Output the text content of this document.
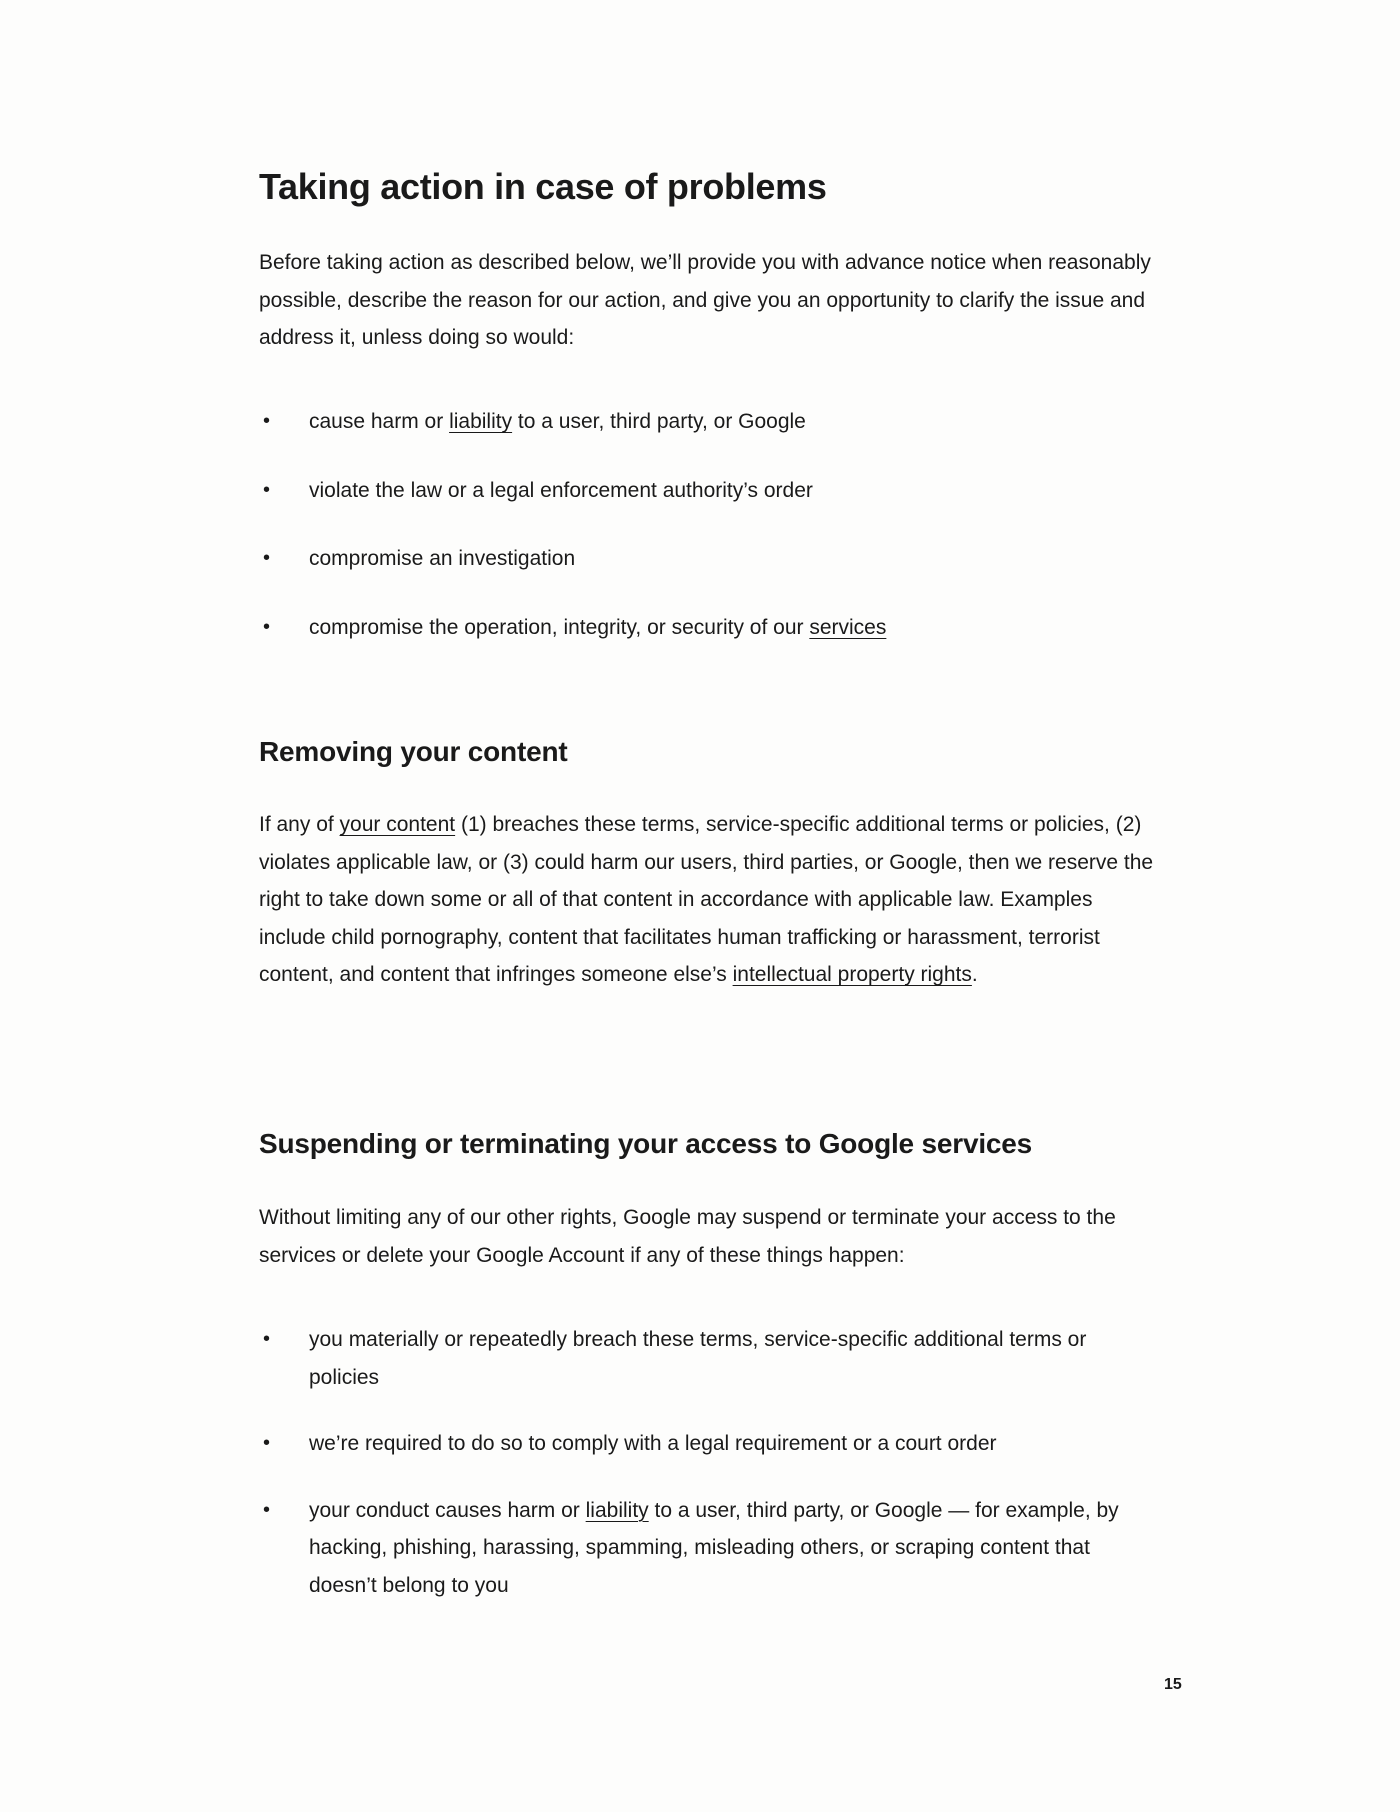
Taking action in case of problems

Before taking action as described below, we’ll provide you with advance notice when reasonably possible, describe the reason for our action, and give you an opportunity to clarify the issue and address it, unless doing so would:

• cause harm or liability to a user, third party, or Google
• violate the law or a legal enforcement authority’s order
• compromise an investigation
• compromise the operation, integrity, or security of our services
Removing your content

If any of your content (1) breaches these terms, service-specific additional terms or policies, (2) violates applicable law, or (3) could harm our users, third parties, or Google, then we reserve the right to take down some or all of that content in accordance with applicable law. Examples include child pornography, content that facilitates human trafficking or harassment, terrorist content, and content that infringes someone else’s intellectual property rights.

Suspending or terminating your access to Google services

Without limiting any of our other rights, Google may suspend or terminate your access to the services or delete your Google Account if any of these things happen:

• you materially or repeatedly breach these terms, service-specific additional terms or policies
• we’re required to do so to comply with a legal requirement or a court order
• your conduct causes harm or liability to a user, third party, or Google — for example, by hacking, phishing, harassing, spamming, misleading others, or scraping content that doesn’t belong to you
15
